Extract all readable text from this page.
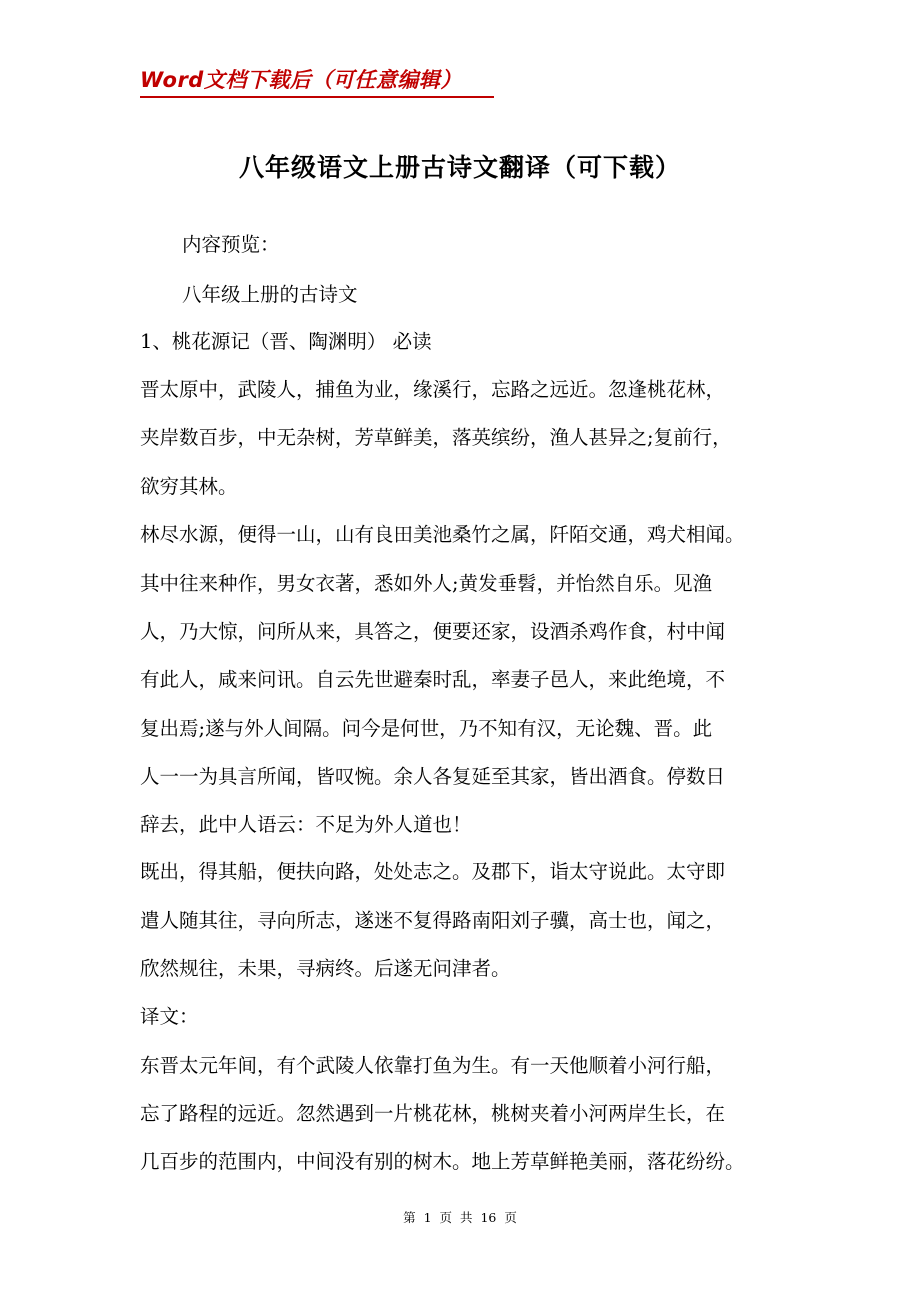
Word文档下载后（可任意编辑）
八年级语文上册古诗文翻译（可下载）
内容预览：
八年级上册的古诗文
1、桃花源记（晋、陶渊明） 必读
晋太原中，武陵人，捕鱼为业，缘溪行，忘路之远近。忽逢桃花林，
夹岸数百步，中无杂树，芳草鲜美，落英缤纷，渔人甚异之;复前行，
欲穷其林。
林尽水源，便得一山，山有良田美池桑竹之属，阡陌交通，鸡犬相闻。
其中往来种作，男女衣著，悉如外人;黄发垂髫，并怡然自乐。见渔
人，乃大惊，问所从来，具答之，便要还家，设酒杀鸡作食，村中闻
有此人，咸来问讯。自云先世避秦时乱，率妻子邑人，来此绝境，不
复出焉;遂与外人间隔。问今是何世，乃不知有汉，无论魏、晋。此
人一一为具言所闻，皆叹惋。余人各复延至其家，皆出酒食。停数日
辞去，此中人语云：不足为外人道也！
既出，得其船，便扶向路，处处志之。及郡下，诣太守说此。太守即
遣人随其往，寻向所志，遂迷不复得路南阳刘子骥，高士也，闻之，
欣然规往，未果，寻病终。后遂无问津者。
译文：
东晋太元年间，有个武陵人依靠打鱼为生。有一天他顺着小河行船，
忘了路程的远近。忽然遇到一片桃花林，桃树夹着小河两岸生长，在
几百步的范围内，中间没有别的树木。地上芳草鲜艳美丽，落花纷纷。
第 1 页 共 16 页
